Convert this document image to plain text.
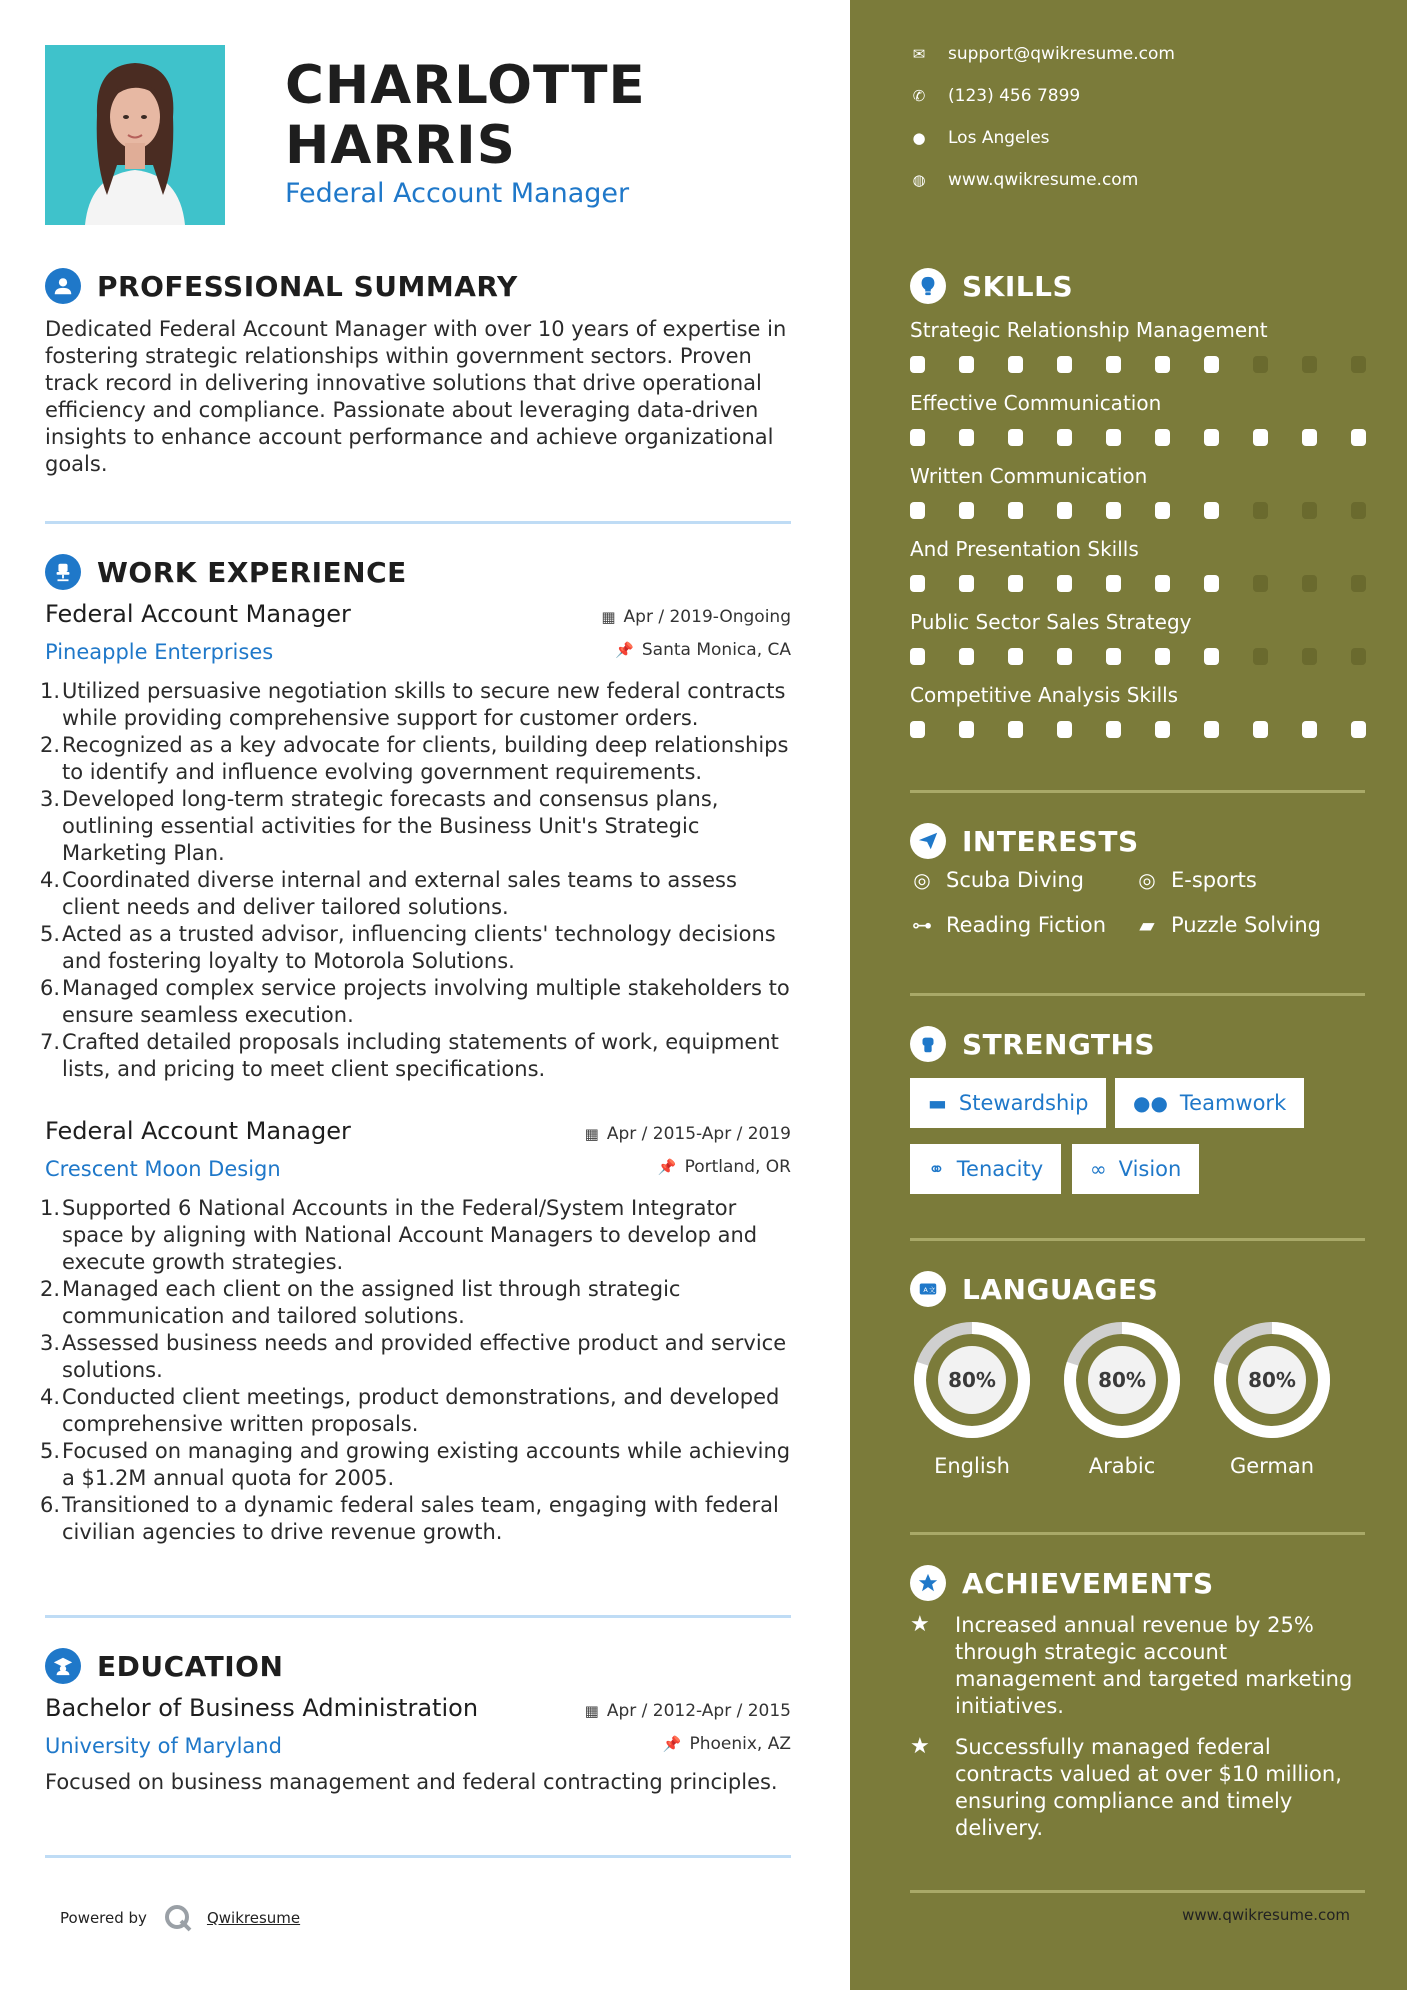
CHARLOTTE
HARRIS
Federal Account Manager
PROFESSIONAL SUMMARY
Dedicated Federal Account Manager with over 10 years of expertise in fostering strategic relationships within government sectors. Proven track record in delivering innovative solutions that drive operational efficiency and compliance. Passionate about leveraging data-driven insights to enhance account performance and achieve organizational goals.
WORK EXPERIENCE
▦ Apr / 2019-Ongoing
📌 Santa Monica, CA
Federal Account Manager
Pineapple Enterprises
1. Utilized persuasive negotiation skills to secure new federal contracts while providing comprehensive support for customer orders.
2. Recognized as a key advocate for clients, building deep relationships to identify and influence evolving government requirements.
3. Developed long-term strategic forecasts and consensus plans, outlining essential activities for the Business Unit's Strategic Marketing Plan.
4. Coordinated diverse internal and external sales teams to assess client needs and deliver tailored solutions.
5. Acted as a trusted advisor, influencing clients' technology decisions and fostering loyalty to Motorola Solutions.
6. Managed complex service projects involving multiple stakeholders to ensure seamless execution.
7. Crafted detailed proposals including statements of work, equipment lists, and pricing to meet client specifications.
▦ Apr / 2015-Apr / 2019
📌 Portland, OR
Federal Account Manager
Crescent Moon Design
1. Supported 6 National Accounts in the Federal/System Integrator space by aligning with National Account Managers to develop and execute growth strategies.
2. Managed each client on the assigned list through strategic communication and tailored solutions.
3. Assessed business needs and provided effective product and service solutions.
4. Conducted client meetings, product demonstrations, and developed comprehensive written proposals.
5. Focused on managing and growing existing accounts while achieving a $1.2M annual quota for 2005.
6. Transitioned to a dynamic federal sales team, engaging with federal civilian agencies to drive revenue growth.
EDUCATION
▦ Apr / 2012-Apr / 2015
📌 Phoenix, AZ
Bachelor of Business Administration
University of Maryland
Focused on business management and federal contracting principles.
Powered by	Qwikresume
✉ support@qwikresume.com
✆ (123) 456 7899
● Los Angeles
◍ www.qwikresume.com
SKILLS
Strategic Relationship Management
Effective Communication
Written Communication
And Presentation Skills
Public Sector Sales Strategy
Competitive Analysis Skills
INTERESTS
◎ Scuba Diving	◎ E-sports
⊶ Reading Fiction ▰ Puzzle Solving
STRENGTHS
▬ Stewardship ●● Teamwork
⚭ Tenacity ∞ Vision
A 文 LANGUAGES
80%
English
80%
Arabic
80%
German
ACHIEVEMENTS
★	Increased annual revenue by 25% through strategic account management and targeted marketing initiatives.
★	Successfully managed federal contracts valued at over $10 million, ensuring compliance and timely delivery.
www.qwikresume.com
